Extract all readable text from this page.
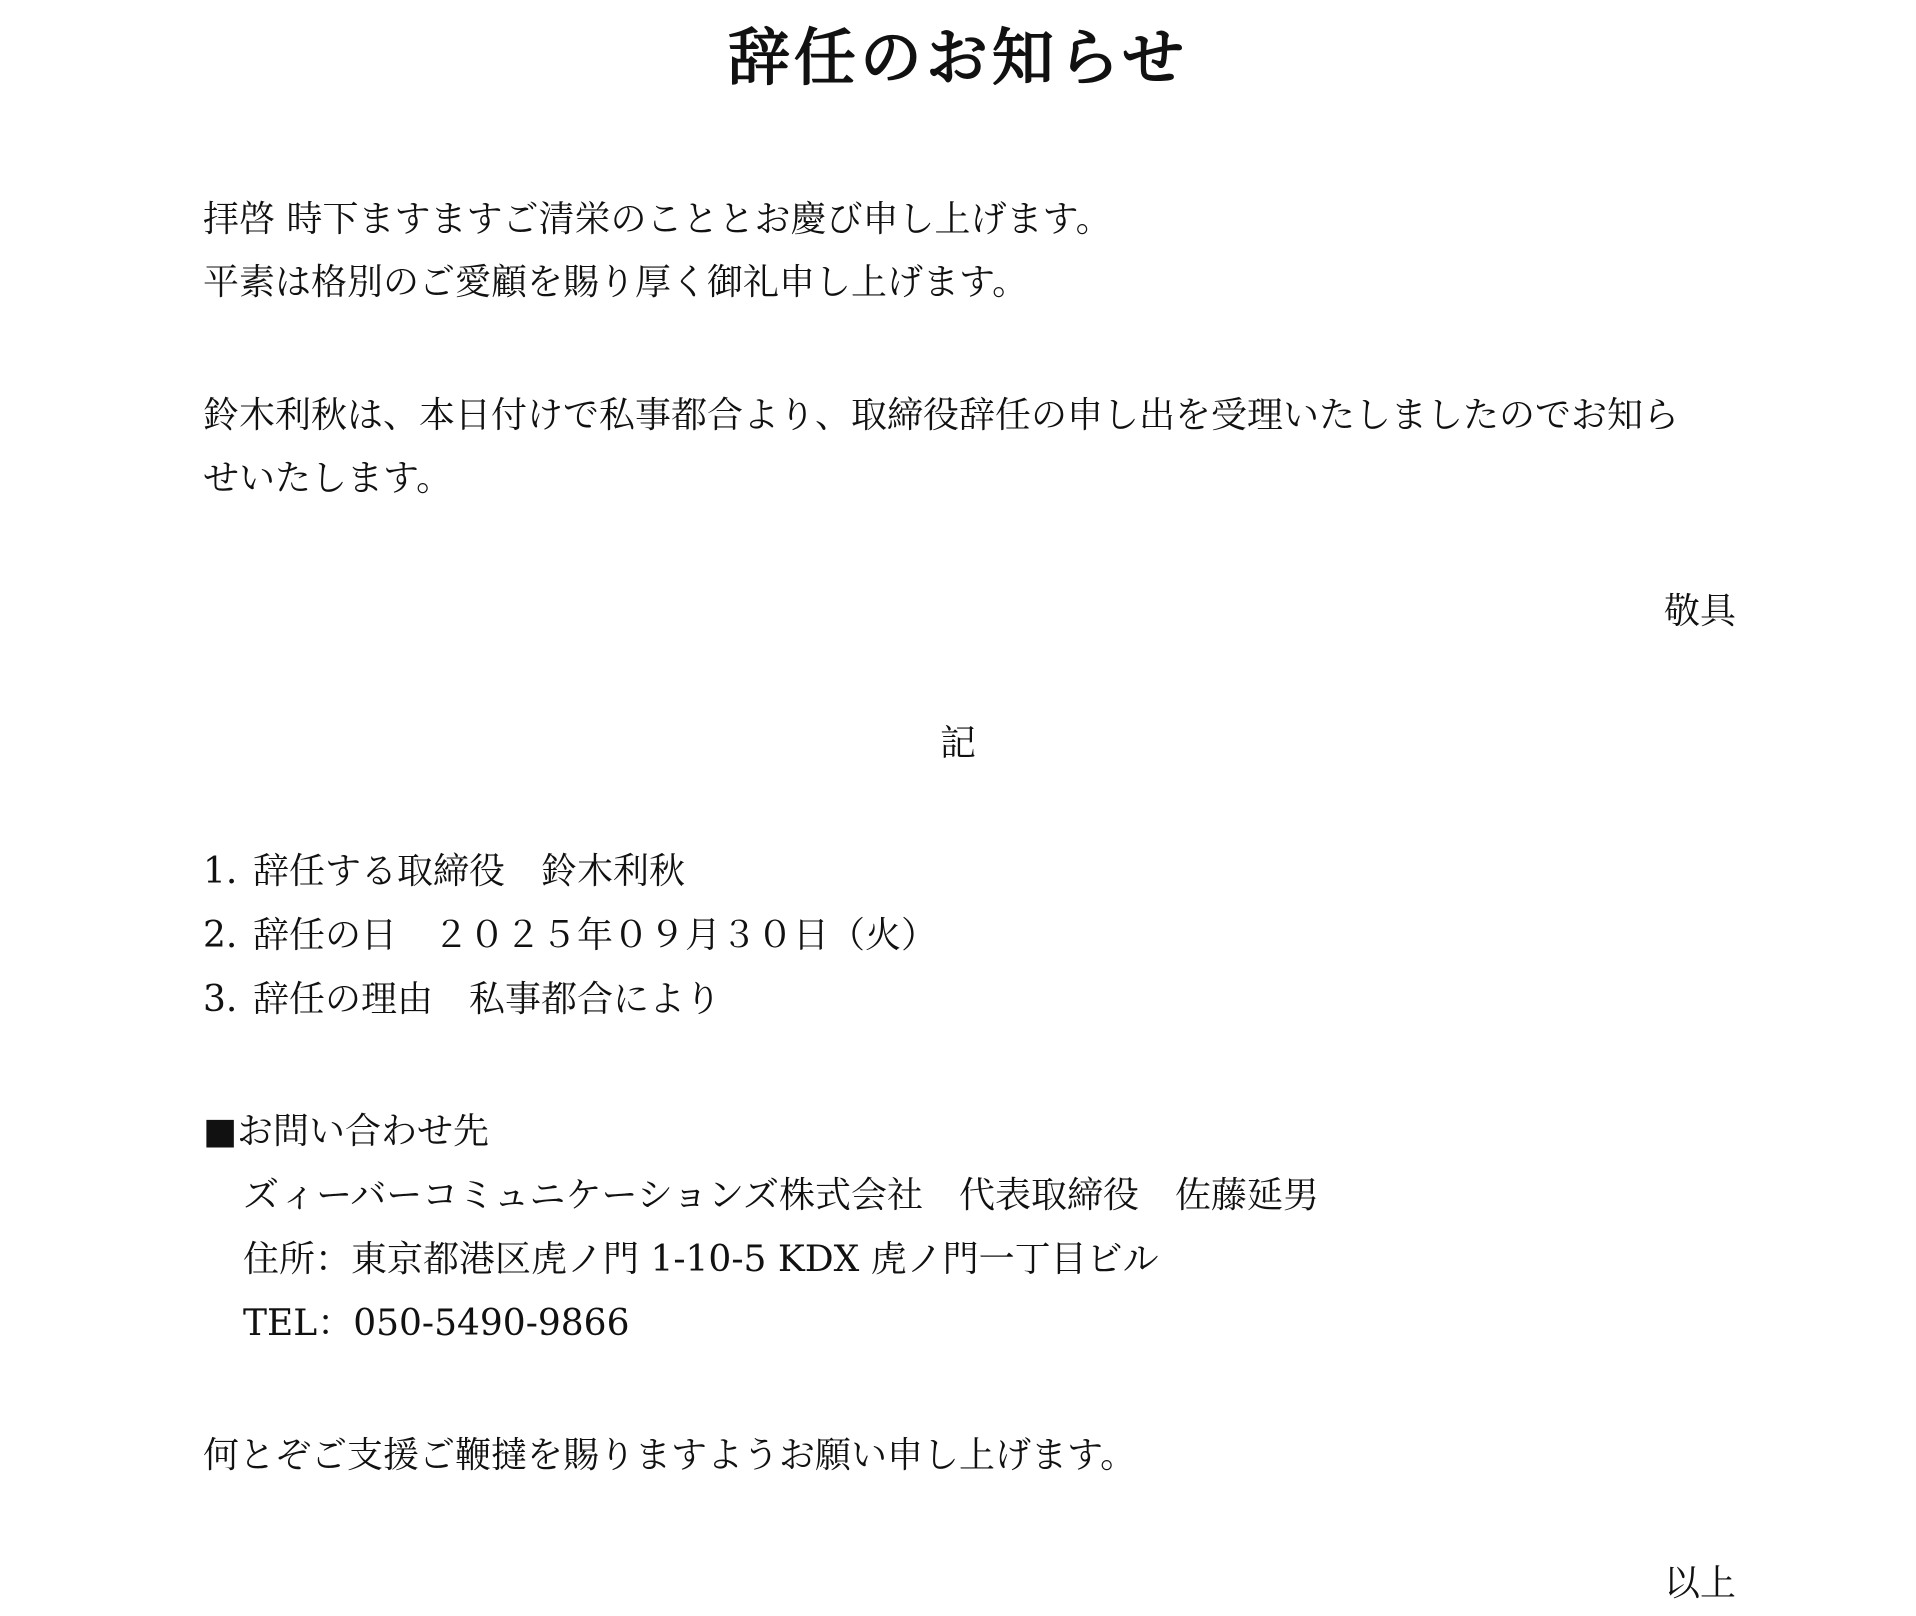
辞任のお知らせ
拝啓 時下ますますご清栄のこととお慶び申し上げます。
平素は格別のご愛顧を賜り厚く御礼申し上げます。
鈴木利秋は、本日付けで私事都合より、取締役辞任の申し出を受理いたしましたのでお知ら
せいたします。
敬具
記
1. 辞任する取締役　鈴木利秋
2. 辞任の日　２０２５年０９月３０日（火）
3. 辞任の理由　私事都合により
■お問い合わせ先
ズィーバーコミュニケーションズ株式会社　代表取締役　佐藤延男
住所：東京都港区虎ノ門 1-10-5 KDX 虎ノ門一丁目ビル
TEL：050-5490-9866
何とぞご支援ご鞭撻を賜りますようお願い申し上げます。
以上
